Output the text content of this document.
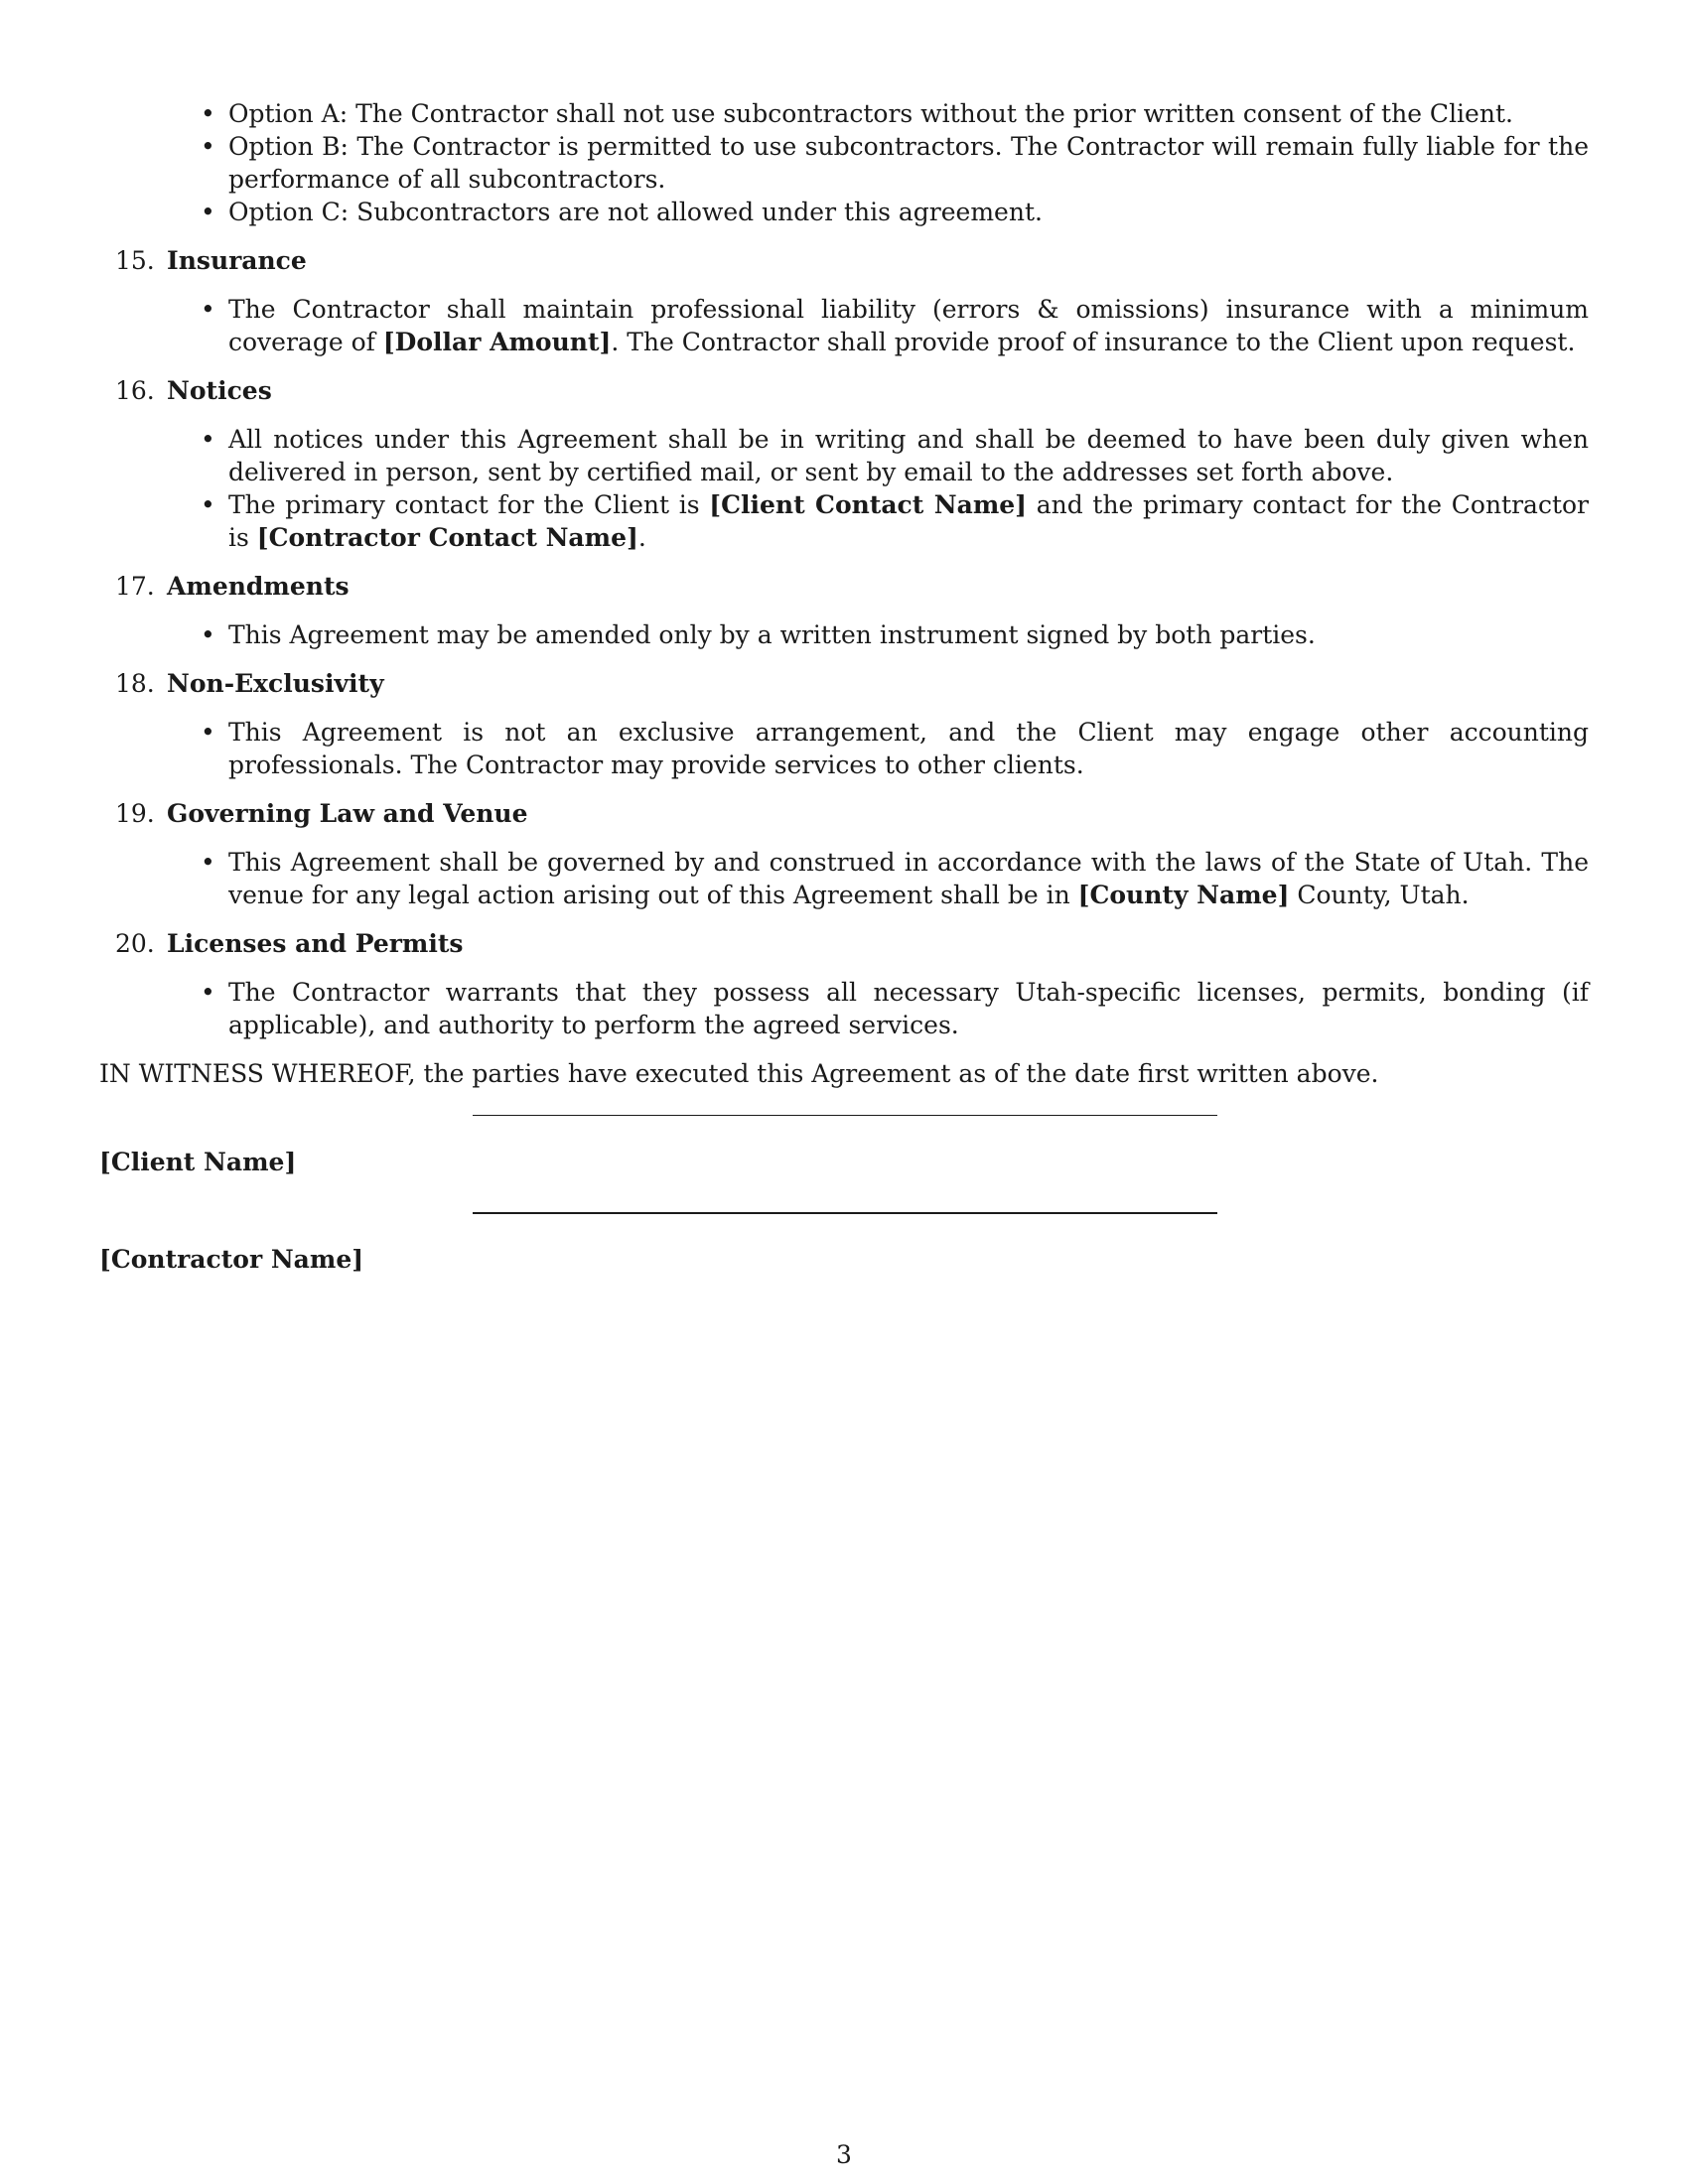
• Option A: The Contractor shall not use subcontractors without the prior written consent of the Client.
• Option B: The Contractor is permitted to use subcontractors. The Contractor will remain fully liable for the performance of all subcontractors.
• Option C: Subcontractors are not allowed under this agreement.
15. Insurance
• The Contractor shall maintain professional liability (errors & omissions) insurance with a minimum coverage of [Dollar Amount]. The Contractor shall provide proof of insurance to the Client upon request.
16. Notices
• All notices under this Agreement shall be in writing and shall be deemed to have been duly given when delivered in person, sent by certified mail, or sent by email to the addresses set forth above.
• The primary contact for the Client is [Client Contact Name] and the primary contact for the Contractor is [Contractor Contact Name].
17. Amendments
• This Agreement may be amended only by a written instrument signed by both parties.
18. Non-Exclusivity
• This Agreement is not an exclusive arrangement, and the Client may engage other accounting professionals. The Contractor may provide services to other clients.
19. Governing Law and Venue
• This Agreement shall be governed by and construed in accordance with the laws of the State of Utah. The venue for any legal action arising out of this Agreement shall be in [County Name] County, Utah.
20. Licenses and Permits
• The Contractor warrants that they possess all necessary Utah-specific licenses, permits, bonding (if applicable), and authority to perform the agreed services.
IN WITNESS WHEREOF, the parties have executed this Agreement as of the date first written above.
[Client Name]
[Contractor Name]
3
